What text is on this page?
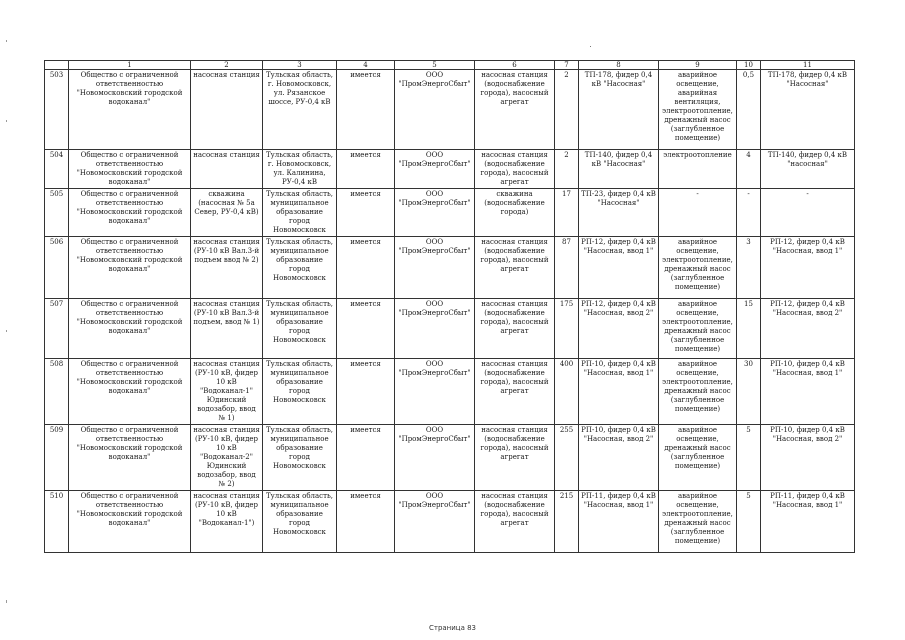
	1	2	3	4	5	6	7	8	9	10	11
503	Общество с ограниченной ответственностью "Новомосковский городской водоканал"	насосная станция	Тульская область, г. Новомосковск, ул. Рязанское шоссе, РУ-0,4 кВ	имеется	ООО "ПромЭнергоСбыт"	насосная станция (водоснабжение города), насосный агрегат	2	ТП-178, фидер 0,4 кВ "Насосная"	аварийное освещение, аварийная вентиляция, электроотопление, дренажный насос (заглубленное помещение)	0,5	ТП-178, фидер 0,4 кВ "Насосная"
504	Общество с ограниченной ответственностью "Новомосковский городской водоканал"	насосная станция	Тульская область, г. Новомосковск, ул. Калинина, РУ-0,4 кВ	имеется	ООО "ПромЭнергоСбыт"	насосная станция (водоснабжение города), насосный агрегат	2	ТП-140, фидер 0,4 кВ "Насосная"	электроотопление	4	ТП-140, фидер 0,4 кВ "насосная"
505	Общество с ограниченной ответственностью "Новомосковский городской водоканал"	скважина (насосная № 5а Север, РУ-0,4 кВ)	Тульская область, муниципальное образование город Новомосковск	имеется	ООО "ПромЭнергоСбыт"	скважина (водоснабжение города)	17	ТП-23, фидер 0,4 кВ "Насосная"	-	-	-
506	Общество с ограниченной ответственностью "Новомосковский городской водоканал"	насосная станция (РУ-10 кВ Вал.3-й подъем ввод № 2)	Тульская область, муниципальное образование город Новомосковск	имеется	ООО "ПромЭнергоСбыт"	насосная станция (водоснабжение города), насосный агрегат	87	РП-12, фидер 0,4 кВ "Насосная, ввод 1"	аварийное освещение, электроотопление, дренажный насос (заглубленное помещение)	3	РП-12, фидер 0,4 кВ "Насосная, ввод 1"
507	Общество с ограниченной ответственностью "Новомосковский городской водоканал"	насосная станция (РУ-10 кВ Вал.3-й подъем, ввод № 1)	Тульская область, муниципальное образование город Новомосковск	имеется	ООО "ПромЭнергоСбыт"	насосная станция (водоснабжение города), насосный агрегат	175	РП-12, фидер 0,4 кВ "Насосная, ввод 2"	аварийное освещение, электроотопление, дренажный насос (заглубленное помещение)	15	РП-12, фидер 0,4 кВ "Насосная, ввод 2"
508	Общество с ограниченной ответственностью "Новомосковский городской водоканал"	насосная станция (РУ-10 кВ, фидер 10 кВ "Водоканал-1" Юдинский водозабор, ввод № 1)	Тульская область, муниципальное образование город Новомосковск	имеется	ООО "ПромЭнергоСбыт"	насосная станция (водоснабжение города), насосный агрегат	400	РП-10, фидер 0,4 кВ "Насосная, ввод 1"	аварийное освещение, электроотопление, дренажный насос (заглубленное помещение)	30	РП-10, фидер 0,4 кВ "Насосная, ввод 1"
509	Общество с ограниченной ответственностью "Новомосковский городской водоканал"	насосная станция (РУ-10 кВ, фидер 10 кВ "Водоканал-2" Юдинский водозабор, ввод № 2)	Тульская область, муниципальное образование город Новомосковск	имеется	ООО "ПромЭнергоСбыт"	насосная станция (водоснабжение города), насосный агрегат	255	РП-10, фидер 0,4 кВ "Насосная, ввод 2"	аварийное освещение, дренажный насос (заглубленное помещение)	5	РП-10, фидер 0,4 кВ "Насосная, ввод 2"
510	Общество с ограниченной ответственностью "Новомосковский городской водоканал"	насосная станция (РУ-10 кВ, фидер 10 кВ "Водоканал-1")	Тульская область, муниципальное образование город Новомосковск	имеется	ООО "ПромЭнергоСбыт"	насосная станция (водоснабжение города), насосный агрегат	215	РП-11, фидер 0,4 кВ "Насосная, ввод 1"	аварийное освещение, электроотопление, дренажный насос (заглубленное помещение)	5	РП-11, фидер 0,4 кВ "Насосная, ввод 1"
Страница 83
